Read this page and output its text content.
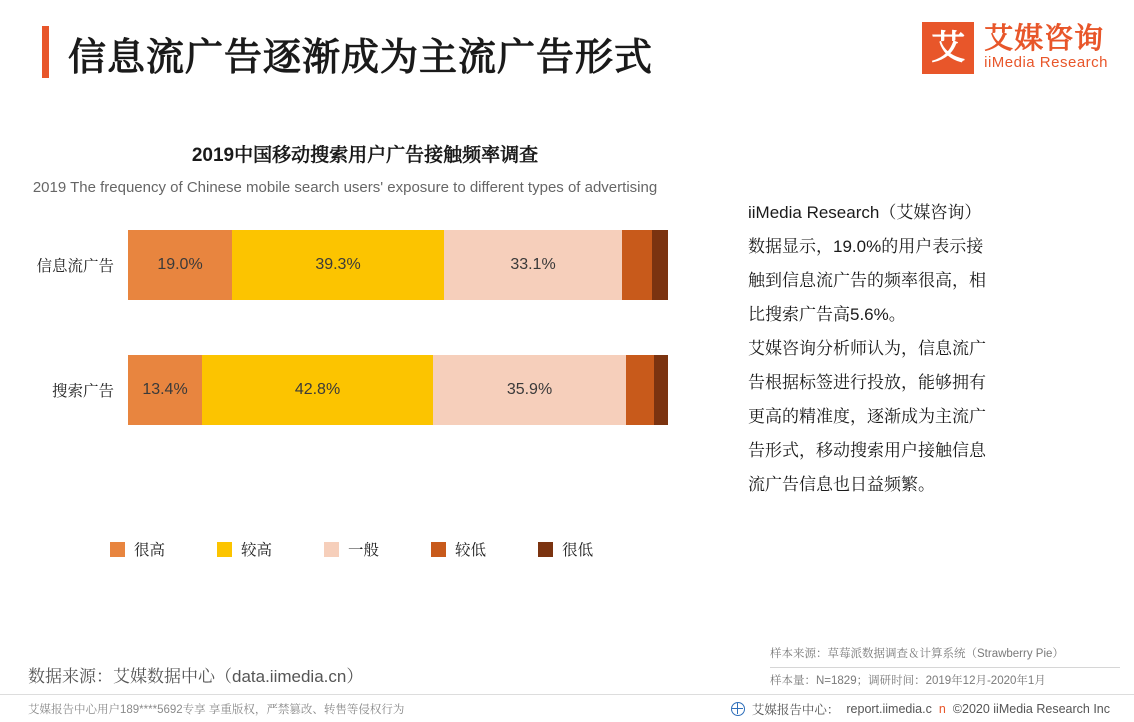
信息流广告逐渐成为主流广告形式	艾 艾媒咨询
iiMedia Research
2019中国移动搜索用户广告接触频率调查
2019 The frequency of Chinese mobile search users' exposure to different types of advertising
信息流广告	19.0%	39.3%	33.1%
搜索广告	13.4%	42.8%	35.9%
很高	较高	一般	较低	很低

iiMedia Research（艾媒咨询）

数据显示，19.0%的用户表示接

触到信息流广告的频率很高，相

比搜索广告高5.6%。

艾媒咨询分析师认为，信息流广

告根据标签进行投放，能够拥有

更高的精准度，逐渐成为主流广

告形式，移动搜索用户接触信息

流广告信息也日益频繁。

样本来源：草莓派数据调查＆计算系统（Strawberry Pie）
样本量：N=1829；调研时间：2019年12月-2020年1月
数据来源：艾媒数据中心（data.iimedia.cn）
艾媒报告中心用户189****5692专享 享重版权，严禁篡改、转售等侵权行为	艾媒报告中心： report.iimedia.c n ©2020 iiMedia Research Inc
